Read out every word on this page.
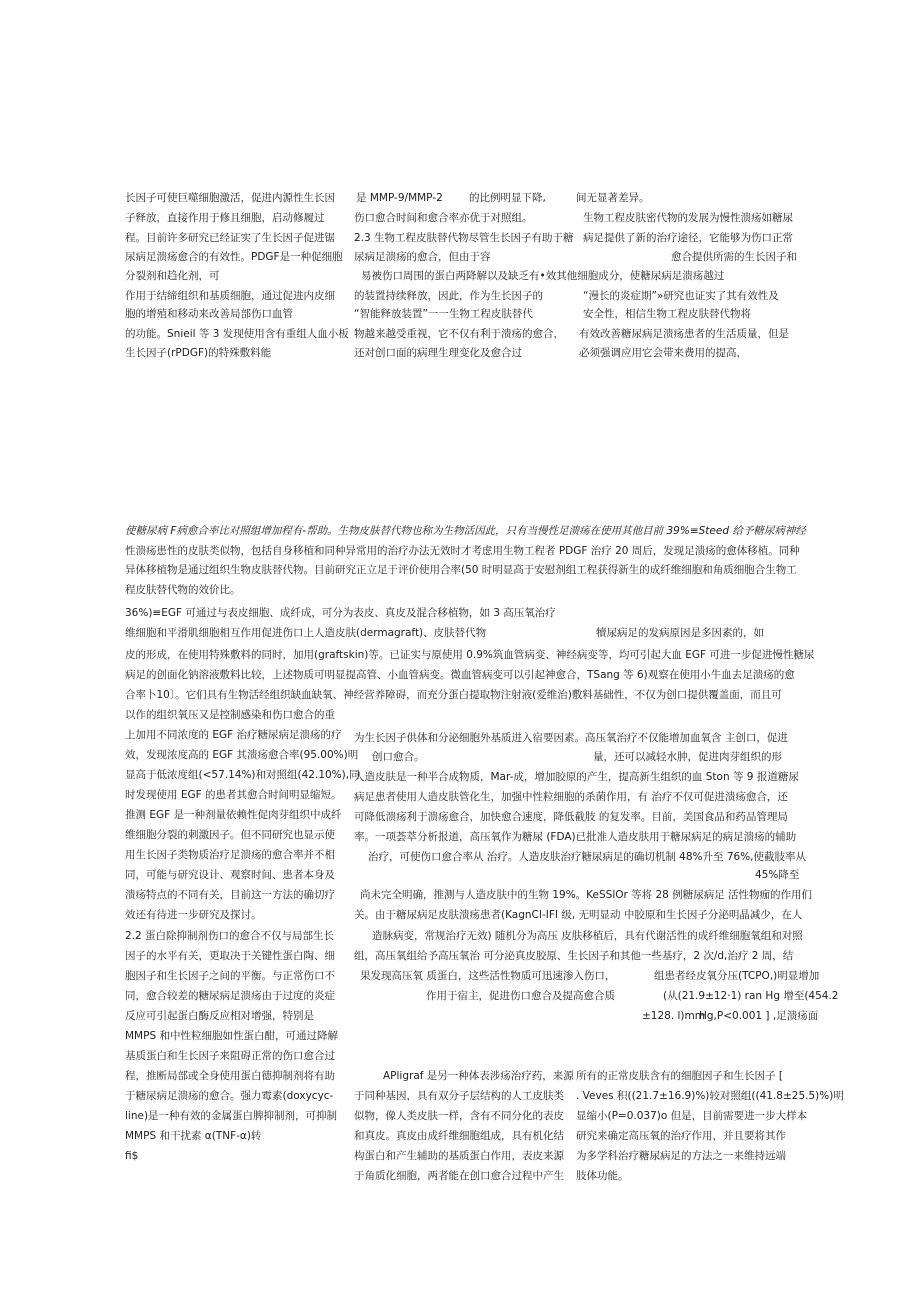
长因子可使巨噬细胞激活，促进内源性生长因
子释放，直接作用于修且细胞，启动修履过
程。目前许多研究已经证实了生长因子促进锯
尿病足溃疡愈合的有效性。PDGF是一种促细胞
分裂剂和趋化剂，可
作用于结缔组织和基质细胞，通过促进内皮细
胞的增殖和移动来改善局部伤口血管
的功能。Snieil 等 3 发现使用含有重组人血小板
生长因子(rPDGF)的特殊敷料能
是 MMP-9/MMP-2 的比例明显下降,
伤口愈合时间和愈合率亦优于对照组。
2.3 生物工程皮肤替代物尽管生长因子有助于糖
尿病足溃疡的愈合，但由于容
易被伤口周围的蛋白两降解以及缺乏有•效其他细胞成分，使糖尿病足溃疡越过
的装置持续释放，因此，作为生长因子的
“智能释放装置”一一生物工程皮肤替代
物越来越受重视，它不仅有利于溃疡的愈合，
还对创口面的病理生理变化及愈合过
间无显著差异。
生物工程皮肤密代物的发展为慢性溃疡如糖尿
病足提供了新的治疗途径，它能够为伤口正常
愈合提供所需的生长因子和
“漫长的炎症期”»研究也证实了其有效性及
安全性，相信生物工程皮肤替代物将
有效改善糖尿病足溃疡患者的生活质量，但是
必须强调应用它会带来费用的提高，
使糖尿病 F病愈合率比对照组增加程有-帮助。生物皮肤替代物也称为生物活因此，只有当慢性足溃疡在使用其他目前 39%≡Steed 给予糖尿病神经
性溃疡患性的皮肤类似物，包括自身移植和同种异常用的治疗办法无效时才考虑用生物工程者 PDGF 治疗 20 周后，发现足溃疡的愈体移植。同种
异体移植物是通过组织生物皮肤替代物。目前研究正立足于评价使用合率(50 时明显高于安慰剂组工程获得新生的成纤维细胞和角质细胞合生物工
程皮肤替代物的效价比。
36%)≡EGF 可通过与表皮细胞、成纤成，可分为表皮、真皮及混合移植物，如 3 高压氧治疗
维细胞和平滑肌细胞相互作用促进伤口上人造皮肤(dermagraft)、皮肤替代物	犢尿病足的发病原因是多因素的，如
皮的形成，在使用特殊敷料的同时，加用(graftskin)等。已证实与原使用 0.9%筑血管病变、神经病变等，均可引起大血 EGF 可进一步促进慢性糖尿
病足的创面化钠溶液敷料比较，上述物质可明显提高管、小血管病变。微血管病变可以引起神愈合，TSang 等 6)观察在使用小牛血去足溃疡的愈
合率卜10〕。它们具有生物活经组织缺血缺氧、神经营养障碍，而充分蛋白提取物注射液(爱维治)敷料基础性，不仅为创口提供覆盖面，而且可
以作的组织氧压又是控制感染和伤口愈合的重
上加用不同浓度的 EGF 治疗糖尿病足溃疡的疗
效，发现浓度高的 EGF 其溃疡愈合率(95.00%)明
显高于低浓度组(<57.14%)和对照组(42.10%),同
时发现使用 EGF 的患者其愈合时间明显缩短。
推测 EGF 是一种剂量依赖性促肉芽组织中成纤
维细胞分裂的刺激因子。但不同研究也显示使
用生长因子类物质治疗足溃疡的愈合率并不相
同，可能与研究设计、观察时间、患者本身及
溃疡特点的不同有关，目前这一方法的确切疗
效还有待进一步研究及探讨。
2.2 蛋白除抑制剂伤口的愈合不仅与局部生长
因子的水平有关，更取决于关键性蛋白陶、细
胞因子和生长因子之间的平衡。与正常伤口不
同，愈合较差的糖尿病足溃疡由于过度的炎症
反应可引起蛋白酶反应相对增强，特别是
MMPS 和中性粒细胞如性蛋白酣，可通过降解
基质蛋白和生长因子来阻碍正常的伤口愈合过
程，推断局部或全身使用蛋白德抑制剂将有助
于糖尿病足溃疡的愈合。强力霉素(doxycyc-
line)是一种有效的金属蛋白脾抑制剂，可抑制
MMPS 和干扰素 α(TNF-α)转
fi$
为生长因子供体和分泌细胞外基质进入宿要因素。高压氧治疗不仅能增加血氧含 主创口，促进
创口愈合。	量，还可以减轻水肿，促进肉芽组织的形
人造皮肤是一种半合成物质，Mar-成，增加胶原的产生，提高新生组织的血 Ston 等 9 报道糖尿
病足患者使用人造皮肤管化生，加强中性粒细胞的杀菌作用，有 治疗不仅可促进溃疡愈合，还
可降低溃疡利于溃疡愈合，加快愈合速度，降低截肢 的复发率。目前，美国食品和药品管理局
率。一项荟萃分析报道，高压氧作为糖尿 (FDA)已批准人造皮肤用于糖尿病足的病足溃疡的辅助
治疗，可使伤口愈合率从 治疗。人造皮肤治疗糖尿病足的确切机制 48%升至 76%,使截肢率从
45%降至
尚未完全明确，推测与人造皮肤中的生物 19%。KeSSlOr 等将 28 例糖尿病足 活性物痂的作用们
关。由于糖尿病足皮肤溃疡患者(KagnCI-IFI 级, 无明显动 中胶原和生长因子分泌明晶减少，在人
造脉病变，常规治疗无效) 随机分为高压 皮肤移植后，具有代谢活性的成纤维细胞氧组和对照
组，高压氧组给予高压氧治 可分泌真皮胶原、生长因子和其他一些基疗，2 次/d,治疗 2 周，结
果发现高压氧 质蛋白，这些活性物质可迅速渗入伤口，	组患者经皮氧分压(TCPO,)明显增加
作用于宿主，促进伤口愈合及提高愈合质	(从(21.9±12·1) ran Hg 增至(454.2
±128. l)mm
Hg,P<0.001 ] ,足溃疡面
APligraf 是另一种体表涉疡治疗药，来源
于同种基因，具有双分子层结构的人工皮肤类
似物，像人类皮肤一样，含有不同分化的表皮
和真皮。真皮由成纤维细胞组成，具有机化结
构蛋白和产生辅助的基质蛋白作用，表皮来源
于角质化细胞，两者能在创口愈合过程中产生
所有的正常皮肤含有的细胞因子和生长因子 [
. Veves 积((21.7±16.9)%)较对照组((41.8±25.5)%)明
显缩小(P=0.037)o 但是，目前需要进一步大样本
研究来确定高压氧的治疗作用，并且要将其作
为多学科治疗糖尿病足的方法之一来维持远端
肢体功能。
